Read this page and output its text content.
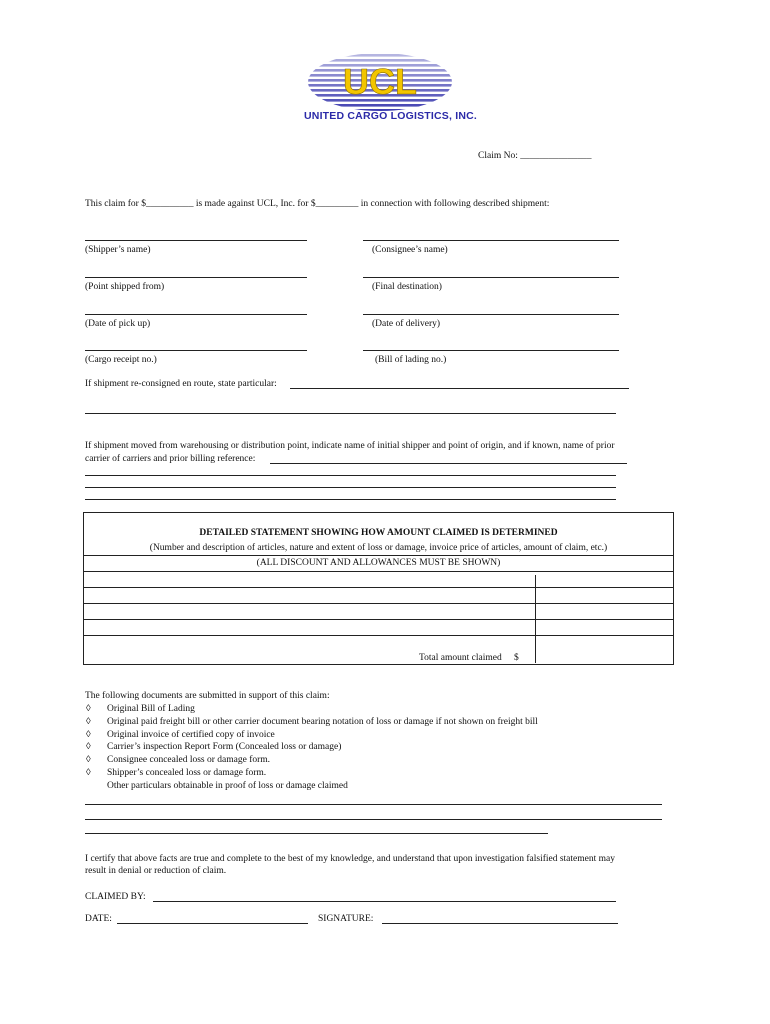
UCL
UNITED CARGO LOGISTICS, INC.
Claim No: _______________
This claim for $__________ is made against UCL, Inc. for $_________ in connection with following described shipment:
(Shipper’s name)	(Consignee’s name)
(Point shipped from)	(Final destination)
(Date of pick up)	(Date of delivery)
(Cargo receipt no.)	(Bill of lading no.)
If shipment re-consigned en route, state particular:
If shipment moved from warehousing or distribution point, indicate name of initial shipper and point of origin, and if known, name of prior
carrier of carriers and prior billing reference:
DETAILED STATEMENT SHOWING HOW AMOUNT CLAIMED IS DETERMINED
(Number and description of articles, nature and extent of loss or damage, invoice price of articles, amount of claim, etc.)
(ALL DISCOUNT AND ALLOWANCES MUST BE SHOWN)
Total amount claimed $
The following documents are submitted in support of this claim:
◊ Original Bill of Lading
◊ Original paid freight bill or other carrier document bearing notation of loss or damage if not shown on freight bill
◊ Original invoice of certified copy of invoice
◊ Carrier’s inspection Report Form (Concealed loss or damage)
◊ Consignee concealed loss or damage form.
◊ Shipper’s concealed loss or damage form.
Other particulars obtainable in proof of loss or damage claimed
I certify that above facts are true and complete to the best of my knowledge, and understand that upon investigation falsified statement may
result in denial or reduction of claim.
CLAIMED BY:
DATE:	SIGNATURE:
